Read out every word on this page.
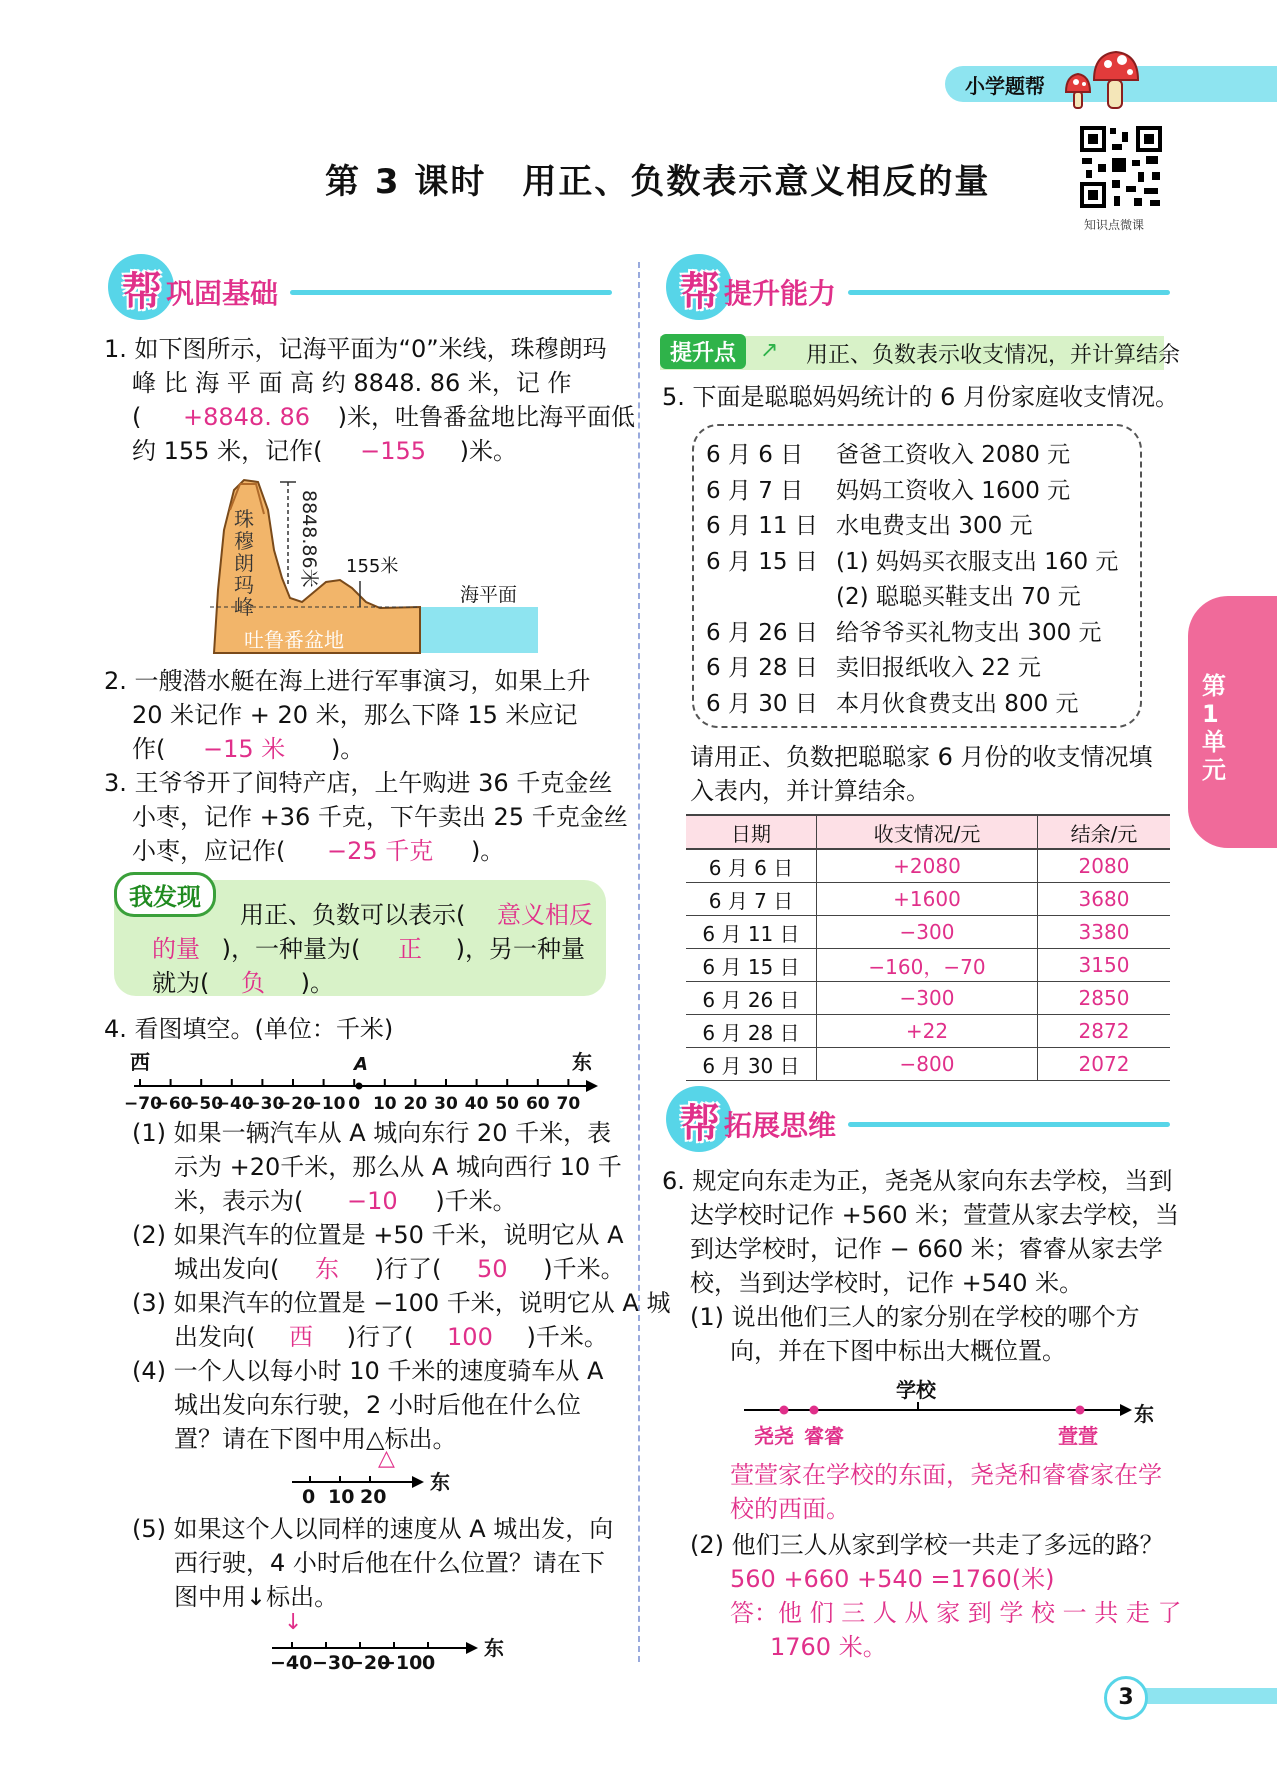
小学题帮
知识点微课
第 3 课时　用正、负数表示意义相反的量
第1单元
帮 巩固基础
1. 如下图所示，记海平面为“0”米线，珠穆朗玛
峰 比 海 平 面 高 约 8848. 86 米，记 作
( +8848. 86 )米，吐鲁番盆地比海平面低
约 155 米，记作( −155 )米。
珠穆朗玛峰
8848.86米 155米
海平面
吐鲁番盆地
2. 一艘潜水艇在海上进行军事演习，如果上升
20 米记作 + 20 米，那么下降 15 米应记
作( −15 米 )。
3. 王爷爷开了间特产店，上午购进 36 千克金丝
小枣，记作 +36 千克，下午卖出 25 千克金丝
小枣，应记作( −25 千克 )。
我发现
用正、负数可以表示( 意义相反
的量 )，一种量为( 正 )，另一种量
就为( 负 )。
4. 看图填空。(单位：千米)
西	东
A
−70
−60
−50
−40
−30
−20
−10 0 10 20 30 40 50 60 70
(1) 如果一辆汽车从 A 城向东行 20 千米，表
示为 +20千米，那么从 A 城向西行 10 千
米，表示为( −10 )千米。
(2) 如果汽车的位置是 +50 千米，说明它从 A
城出发向( 东 )行了( 50 )千米。
(3) 如果汽车的位置是 −100 千米，说明它从 A 城
出发向( 西 )行了( 100 )千米。
(4) 一个人以每小时 10 千米的速度骑车从 A
城出发向东行驶，2 小时后他在什么位
置？请在下图中用△标出。
△
东
0 10 20
(5) 如果这个人以同样的速度从 A 城出发，向
西行驶，4 小时后他在什么位置？请在下
图中用↓标出。
↓
东
−40 −30
−20
−10 0
帮 提升能力
提升点	↗ 用正、负数表示收支情况，并计算结余
5. 下面是聪聪妈妈统计的 6 月份家庭收支情况。
6 月 6 日 爸爸工资收入 2080 元
6 月 7 日 妈妈工资收入 1600 元
6 月 11 日 水电费支出 300 元
6 月 15 日 (1) 妈妈买衣服支出 160 元
(2) 聪聪买鞋支出 70 元
6 月 26 日 给爷爷买礼物支出 300 元
6 月 28 日 卖旧报纸收入 22 元
6 月 30 日 本月伙食费支出 800 元
请用正、负数把聪聪家 6 月份的收支情况填
入表内，并计算结余。
日期	收支情况/元	结余/元
6 月 6 日	+2080	2080
6 月 7 日	+1600	3680
6 月 11 日	−300	3380
6 月 15 日	−160，−70	3150
6 月 26 日	−300	2850
6 月 28 日	+22	2872
6 月 30 日	−800	2072
帮 拓展思维
6. 规定向东走为正，尧尧从家向东去学校，当到
达学校时记作 +560 米；萱萱从家去学校，当
到达学校时，记作 − 660 米；睿睿从家去学
校，当到达学校时，记作 +540 米。
(1) 说出他们三人的家分别在学校的哪个方
向，并在下图中标出大概位置。
学校
东
尧尧 睿睿	萱萱
萱萱家在学校的东面，尧尧和睿睿家在学
校的西面。
(2) 他们三人从家到学校一共走了多远的路？
560 +660 +540 =1760(米)
答：他 们 三 人 从 家 到 学 校 一 共 走 了
1760 米。
3
